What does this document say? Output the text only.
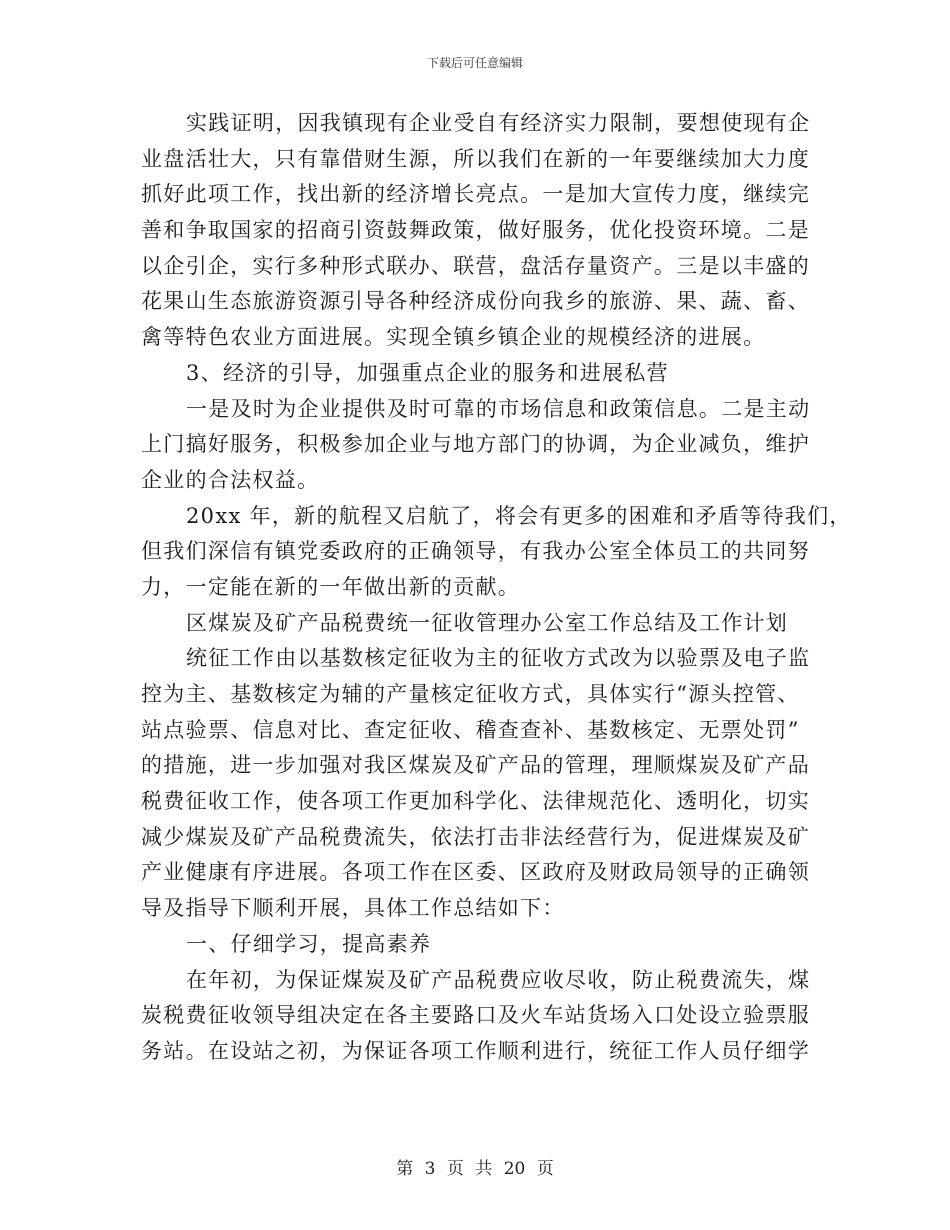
下载后可任意编辑
实践证明，因我镇现有企业受自有经济实力限制，要想使现有企
业盘活壮大，只有靠借财生源，所以我们在新的一年要继续加大力度
抓好此项工作，找出新的经济增长亮点。一是加大宣传力度，继续完
善和争取国家的招商引资鼓舞政策，做好服务，优化投资环境。二是
以企引企，实行多种形式联办、联营，盘活存量资产。三是以丰盛的
花果山生态旅游资源引导各种经济成份向我乡的旅游、果、蔬、畜、
禽等特色农业方面进展。实现全镇乡镇企业的规模经济的进展。
3、经济的引导，加强重点企业的服务和进展私营
一是及时为企业提供及时可靠的市场信息和政策信息。二是主动
上门搞好服务，积极参加企业与地方部门的协调，为企业减负，维护
企业的合法权益。
20xx 年，新的航程又启航了，将会有更多的困难和矛盾等待我们，
但我们深信有镇党委政府的正确领导，有我办公室全体员工的共同努
力，一定能在新的一年做出新的贡献。
区煤炭及矿产品税费统一征收管理办公室工作总结及工作计划
统征工作由以基数核定征收为主的征收方式改为以验票及电子监
控为主、基数核定为辅的产量核定征收方式，具体实行“源头控管、
站点验票、信息对比、查定征收、稽查查补、基数核定、无票处罚”
的措施，进一步加强对我区煤炭及矿产品的管理，理顺煤炭及矿产品
税费征收工作，使各项工作更加科学化、法律规范化、透明化，切实
减少煤炭及矿产品税费流失，依法打击非法经营行为，促进煤炭及矿
产业健康有序进展。各项工作在区委、区政府及财政局领导的正确领
导及指导下顺利开展，具体工作总结如下：
一、仔细学习，提高素养
在年初，为保证煤炭及矿产品税费应收尽收，防止税费流失，煤
炭税费征收领导组决定在各主要路口及火车站货场入口处设立验票服
务站。在设站之初，为保证各项工作顺利进行，统征工作人员仔细学
第 3 页 共 20 页
